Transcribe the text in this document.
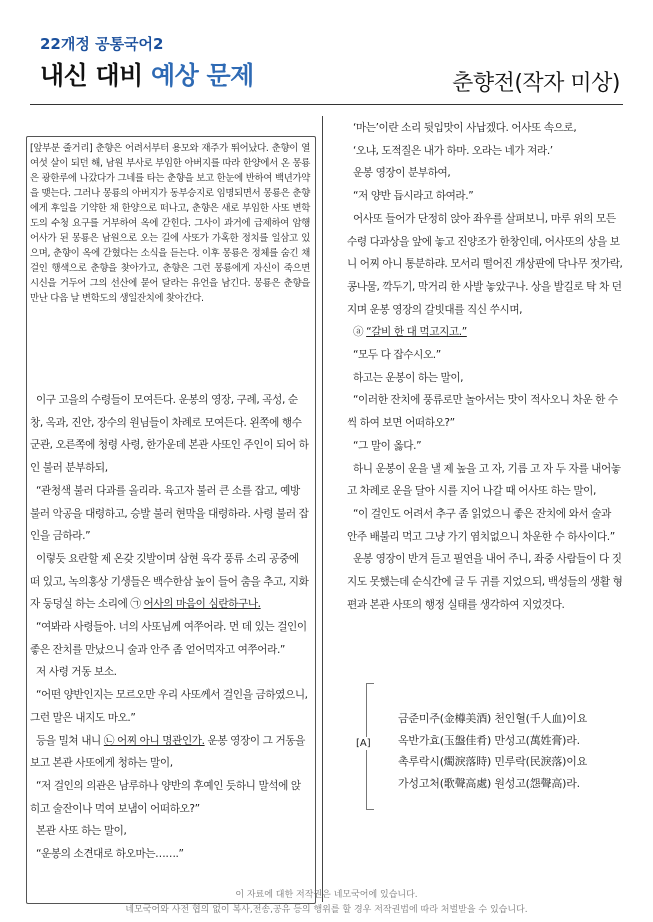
22개정 공통국어2
내신 대비 예상 문제	춘향전(작자 미상)

[앞부분 줄거리] 춘향은 어려서부터 용모와 재주가 뛰어났다. 춘향이 열여섯 살이 되던 해, 남원 부사로 부임한 아버지를 따라 한양에서 온 몽룡은 광한루에 나갔다가 그네를 타는 춘향을 보고 한눈에 반하여 백년가약을 맺는다. 그러나 몽룡의 아버지가 동부승지로 임명되면서 몽룡은 춘향에게 후일을 기약한 채 한양으로 떠나고, 춘향은 새로 부임한 사또 변학도의 수청 요구를 거부하여 옥에 갇힌다. 그사이 과거에 급제하여 암행어사가 된 몽룡은 남원으로 오는 길에 사또가 가혹한 정치를 일삼고 있으며, 춘향이 옥에 갇혔다는 소식을 듣는다. 이후 몽룡은 정체를 숨긴 채 걸인 행색으로 춘향을 찾아가고, 춘향은 그런 몽룡에게 자신이 죽으면 시신을 거두어 그의 선산에 묻어 달라는 유언을 남긴다. 몽룡은 춘향을 만난 다음 날 변학도의 생일잔치에 찾아간다.

이구 고을의 수령들이 모여든다. 운봉의 영장, 구례, 곡성, 순창, 옥과, 진안, 장수의 원님들이 차례로 모여든다. 왼쪽에 행수 군관, 오른쪽에 청령 사령, 한가운데 본관 사또인 주인이 되어 하인 불러 분부하되,

“관청색 불러 다과를 올리라. 육고자 불러 큰 소를 잡고, 예방 불러 악공을 대령하고, 승발 불러 현막을 대령하라. 사령 불러 잡인을 금하라.”

이렇듯 요란할 제 온갖 깃발이며 삼현 육각 풍류 소리 공중에 떠 있고, 녹의홍상 기생들은 백수한삼 높이 들어 춤을 추고, 지화자 둥덩실 하는 소리에 ㉠ 어사의 마음이 심란하구나.

“여봐라 사령들아. 너의 사또님께 여쭈어라. 먼 데 있는 걸인이 좋은 잔치를 만났으니 술과 안주 좀 얻어먹자고 여쭈어라.”

저 사령 거동 보소.

“어떤 양반인지는 모르오만 우리 사또께서 걸인을 금하였으니, 그런 말은 내지도 마오.”

등을 밀쳐 내니 ㉡ 어찌 아니 명관인가. 운봉 영장이 그 거동을 보고 본관 사또에게 청하는 말이,

“저 걸인의 의관은 남루하나 양반의 후예인 듯하니 말석에 앉히고 술잔이나 먹여 보냄이 어떠하오?”

본관 사또 하는 말이,

“운봉의 소견대로 하오마는…….”

‘마는’이란 소리 뒷입맛이 사납겠다. 어사또 속으로,

‘오냐, 도적질은 내가 하마. 오라는 네가 져라.’

운봉 영장이 분부하여,

“저 양반 듭시라고 하여라.”

어사또 들어가 단정히 앉아 좌우를 살펴보니, 마루 위의 모든 수령 다과상을 앞에 놓고 진양조가 한창인데, 어사또의 상을 보니 어찌 아니 통분하랴. 모서리 떨어진 개상판에 닥나무 젓가락, 콩나물, 깍두기, 막거리 한 사발 놓았구나. 상을 발길로 탁 차 던지며 운봉 영장의 갈빗대를 직신 쑤시며,

ⓐ “갈비 한 대 먹고지고.”

“모두 다 잡수시오.”

하고는 운봉이 하는 말이,

“이러한 잔치에 풍류로만 놀아서는 맛이 적사오니 차운 한 수씩 하여 보면 어떠하오?”

“그 말이 옳다.”

하니 운봉이 운을 낼 제 높을 고 자, 기름 고 자 두 자를 내어놓고 차례로 운을 달아 시를 지어 나갈 때 어사또 하는 말이,

“이 걸인도 어려서 추구 좀 읽었으니 좋은 잔치에 와서 술과 안주 배불리 먹고 그냥 가기 염치없으니 차운한 수 하사이다.”

운봉 영장이 반겨 듣고 필연을 내어 주니, 좌중 사람들이 다 짓지도 못했는데 순식간에 글 두 귀를 지었으되, 백성들의 생활 형편과 본관 사또의 행정 실태를 생각하여 지었것다.

[A]

금준미주(金樽美酒) 천인혈(千人血)이요

옥반가효(玉盤佳肴) 만성고(萬姓膏)라.

촉루락시(燭淚落時) 민루락(民淚落)이요

가성고처(歌聲高處) 원성고(怨聲高)라.

이 자료에 대한 저작권은 네모국어에 있습니다.

네모국어와 사전 협의 없이 복사,전송,공유 등의 행위를 할 경우 저작권법에 따라 처벌받을 수 있습니다.
